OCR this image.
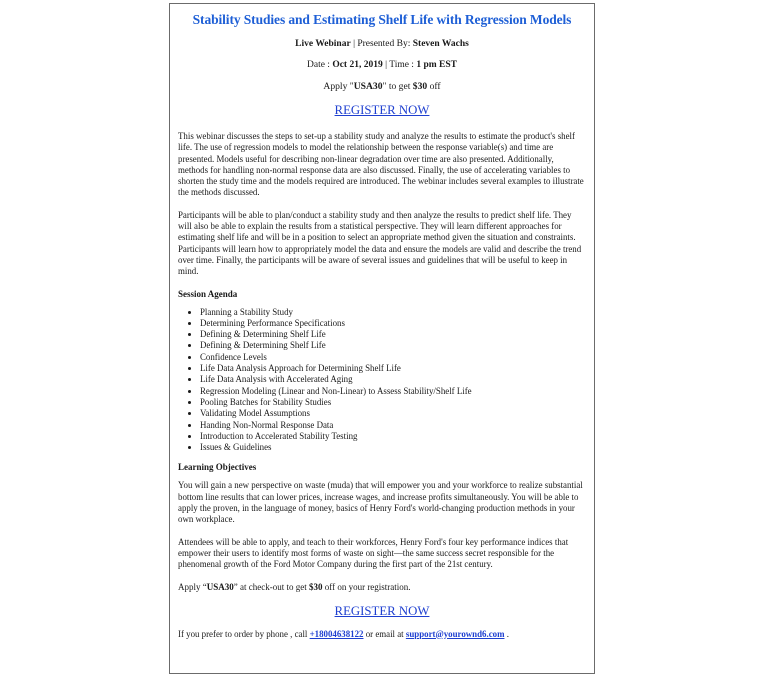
Stability Studies and Estimating Shelf Life with Regression Models
Live Webinar | Presented By: Steven Wachs
Date : Oct 21, 2019 | Time : 1 pm EST
Apply "USA30" to get $30 off
REGISTER NOW

This webinar discusses the steps to set-up a stability study and analyze the results to estimate the product's shelf life. The use of regression models to model the relationship between the response variable(s) and time are presented. Models useful for describing non-linear degradation over time are also presented. Additionally, methods for handling non-normal response data are also discussed. Finally, the use of accelerating variables to shorten the study time and the models required are introduced. The webinar includes several examples to illustrate the methods discussed.

Participants will be able to plan/conduct a stability study and then analyze the results to predict shelf life. They will also be able to explain the results from a statistical perspective. They will learn different approaches for estimating shelf life and will be in a position to select an appropriate method given the situation and constraints. Participants will learn how to appropriately model the data and ensure the models are valid and describe the trend over time. Finally, the participants will be aware of several issues and guidelines that will be useful to keep in mind.

Session Agenda
• Planning a Stability Study
• Determining Performance Specifications
• Defining & Determining Shelf Life
• Defining & Determining Shelf Life
• Confidence Levels
• Life Data Analysis Approach for Determining Shelf Life
• Life Data Analysis with Accelerated Aging
• Regression Modeling (Linear and Non-Linear) to Assess Stability/Shelf Life
• Pooling Batches for Stability Studies
• Validating Model Assumptions
• Handing Non-Normal Response Data
• Introduction to Accelerated Stability Testing
• Issues & Guidelines
Learning Objectives

You will gain a new perspective on waste (muda) that will empower you and your workforce to realize substantial bottom line results that can lower prices, increase wages, and increase profits simultaneously. You will be able to apply the proven, in the language of money, basics of Henry Ford's world-changing production methods in your own workplace.

Attendees will be able to apply, and teach to their workforces, Henry Ford's four key performance indices that empower their users to identify most forms of waste on sight—the same success secret responsible for the phenomenal growth of the Ford Motor Company during the first part of the 21st century.

Apply “USA30” at check-out to get $30 off on your registration.
REGISTER NOW
If you prefer to order by phone , call +18004638122 or email at support@yourownd6.com .
